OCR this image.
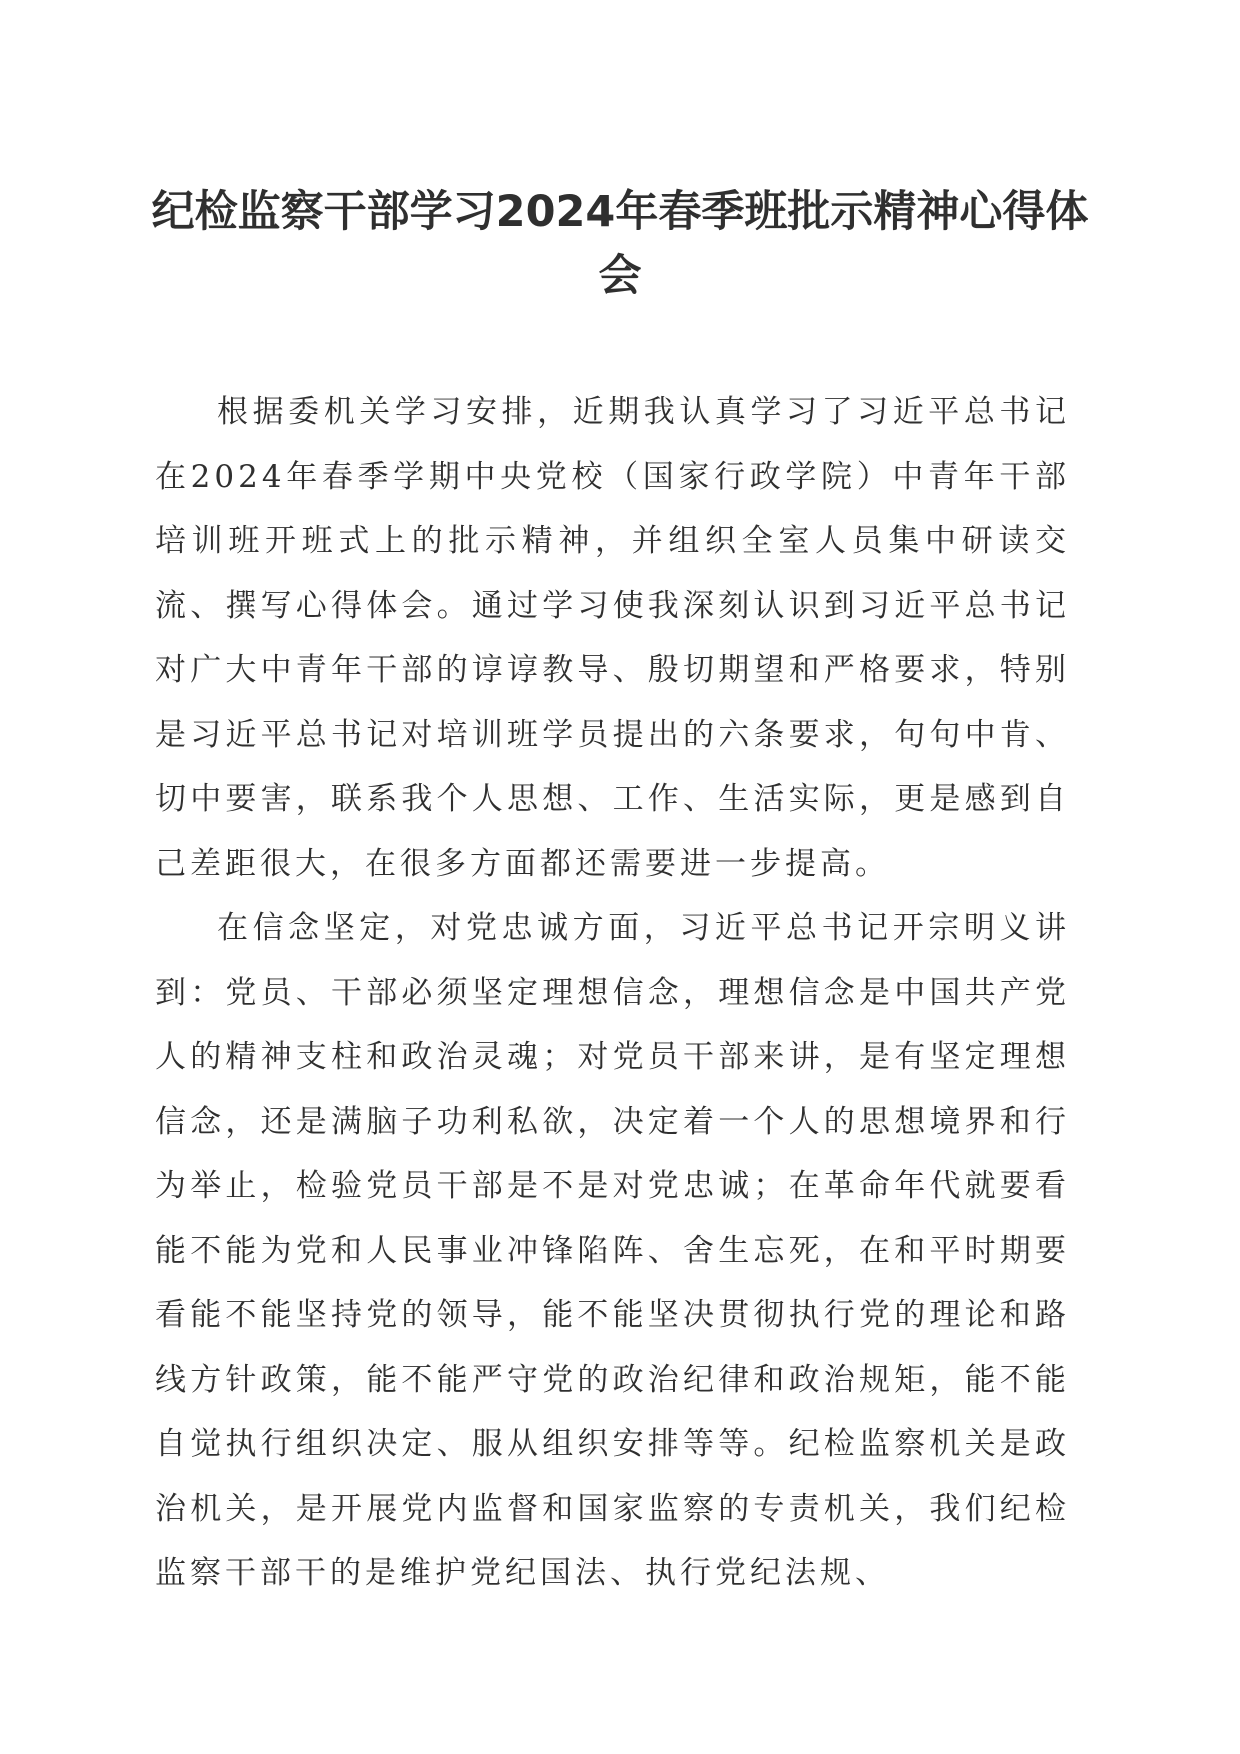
纪检监察干部学习2024年春季班批示精神心得体会

根据委机关学习安排，近期我认真学习了习近平总书记在2024年春季学期中央党校（国家行政学院）中青年干部培训班开班式上的批示精神，并组织全室人员集中研读交流、撰写心得体会。通过学习使我深刻认识到习近平总书记对广大中青年干部的谆谆教导、殷切期望和严格要求，特别是习近平总书记对培训班学员提出的六条要求，句句中肯、切中要害，联系我个人思想、工作、生活实际，更是感到自己差距很大，在很多方面都还需要进一步提高。

在信念坚定，对党忠诚方面，习近平总书记开宗明义讲到：党员、干部必须坚定理想信念，理想信念是中国共产党人的精神支柱和政治灵魂；对党员干部来讲，是有坚定理想信念，还是满脑子功利私欲，决定着一个人的思想境界和行为举止，检验党员干部是不是对党忠诚；在革命年代就要看能不能为党和人民事业冲锋陷阵、舍生忘死，在和平时期要看能不能坚持党的领导，能不能坚决贯彻执行党的理论和路线方针政策，能不能严守党的政治纪律和政治规矩，能不能自觉执行组织决定、服从组织安排等等。纪检监察机关是政治机关，是开展党内监督和国家监察的专责机关，我们纪检监察干部干的是维护党纪国法、执行党纪法规、
